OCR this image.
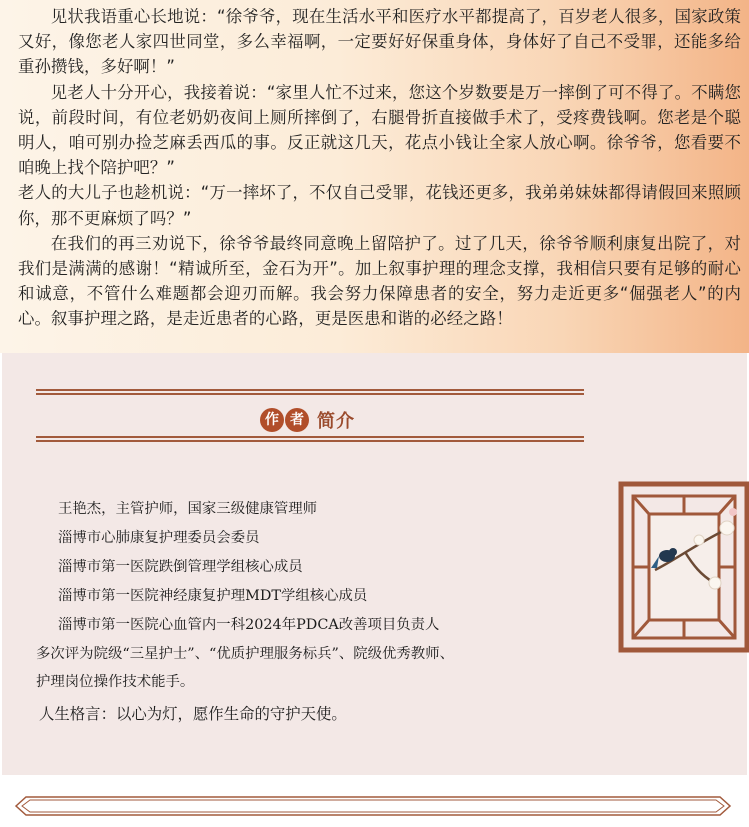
见状我语重心长地说：“徐爷爷，现在生活水平和医疗水平都提高了，百岁老人很多，国家政策又好，像您老人家四世同堂，多么幸福啊，一定要好好保重身体，身体好了自己不受罪，还能多给重孙攒钱，多好啊！”

见老人十分开心，我接着说：“家里人忙不过来，您这个岁数要是万一摔倒了可不得了。不瞒您说，前段时间，有位老奶奶夜间上厕所摔倒了，右腿骨折直接做手术了，受疼费钱啊。您老是个聪明人，咱可别办捡芝麻丢西瓜的事。反正就这几天，花点小钱让全家人放心啊。徐爷爷，您看要不咱晚上找个陪护吧？”

老人的大儿子也趁机说：“万一摔坏了，不仅自己受罪，花钱还更多，我弟弟妹妹都得请假回来照顾你，那不更麻烦了吗？”

在我们的再三劝说下，徐爷爷最终同意晚上留陪护了。过了几天，徐爷爷顺利康复出院了，对我们是满满的感谢！“精诚所至，金石为开”。加上叙事护理的理念支撑，我相信只要有足够的耐心和诚意，不管什么难题都会迎刃而解。我会努力保障患者的安全，努力走近更多“倔强老人”的内心。叙事护理之路，是走近患者的心路，更是医患和谐的必经之路！

作 者 简介
王艳杰，主管护师，国家三级健康管理师
淄博市心肺康复护理委员会委员
淄博市第一医院跌倒管理学组核心成员
淄博市第一医院神经康复护理MDT学组核心成员
淄博市第一医院心血管内一科2024年PDCA改善项目负责人
多次评为院级“三星护士”、“优质护理服务标兵”、院级优秀教师、
护理岗位操作技术能手。
人生格言：以心为灯，愿作生命的守护天使。
